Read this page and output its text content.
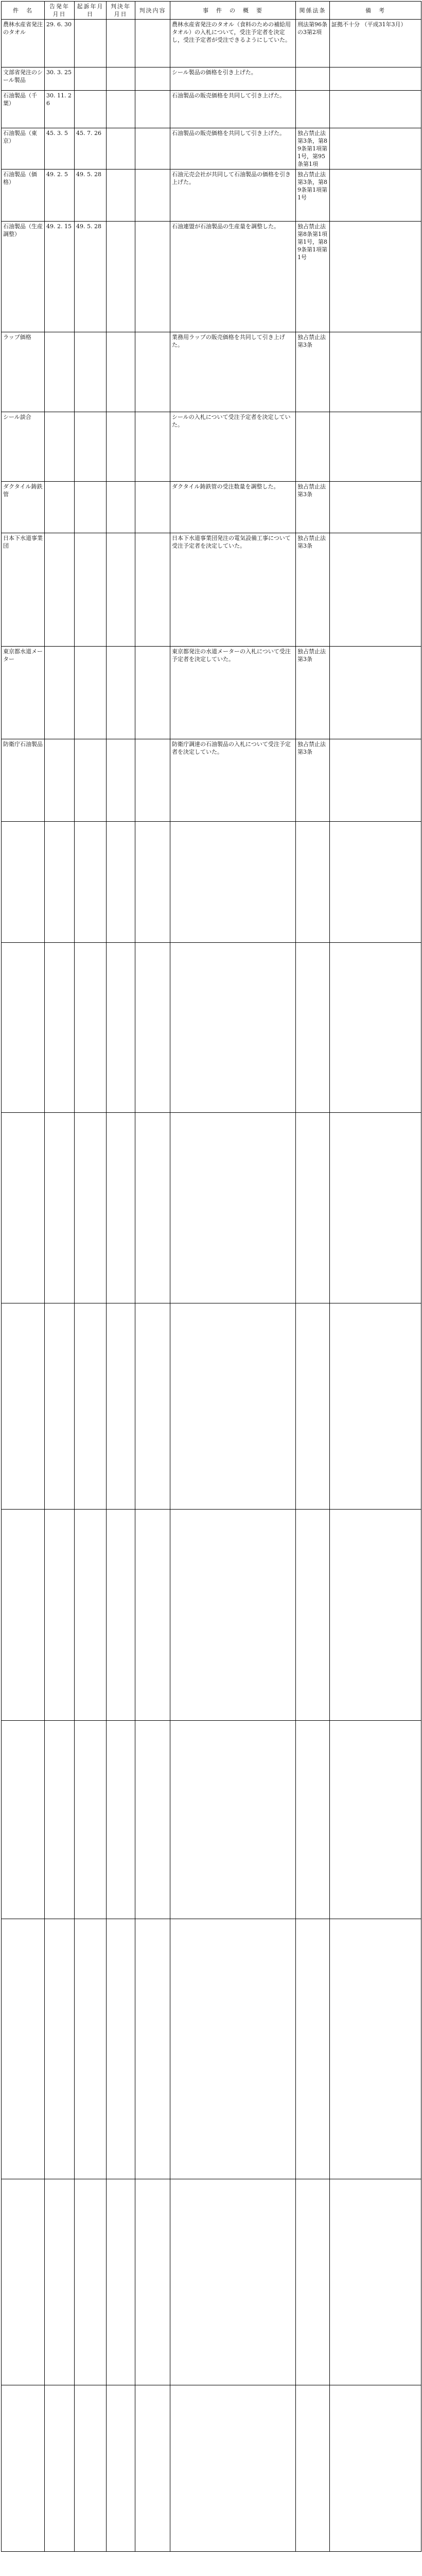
件　名	告発年月日	起訴年月日	判決年月日	判決内容	事　件　の　概　要	関係法条	備　考
農林水産省発注のタオル	29. 6. 30				農林水産省発注のタオル（食料のための補給用タオル）の入札について，受注予定者を決定し，受注予定者が受注できるようにしていた。	刑法第96条の3第2項	証拠不十分 （平成31年3月）
文部省発注のシール製品	30. 3. 25				シール製品の価格を引き上げた。		
石油製品（千葉）	30. 11. 26				石油製品の販売価格を共同して引き上げた。		
石油製品（東京）	45. 3. 5	45. 7. 26			石油製品の販売価格を共同して引き上げた。	独占禁止法第3条，第89条第1項第1号，第95条第1項	
石油製品（価格）	49. 2. 5	49. 5. 28			石油元売会社が共同して石油製品の価格を引き上げた。	独占禁止法第3条，第89条第1項第1号	
石油製品（生産調整）	49. 2. 15	49. 5. 28			石油連盟が石油製品の生産量を調整した。	独占禁止法第8条第1項第1号，第89条第1項第1号	
ラップ価格					業務用ラップの販売価格を共同して引き上げた。	独占禁止法第3条	
シール談合					シールの入札について受注予定者を決定していた。		
ダクタイル鋳鉄管					ダクタイル鋳鉄管の受注数量を調整した。	独占禁止法第3条	
日本下水道事業団					日本下水道事業団発注の電気設備工事について受注予定者を決定していた。	独占禁止法第3条	
東京都水道メーター					東京都発注の水道メーターの入札について受注予定者を決定していた。	独占禁止法第3条	
防衛庁石油製品					防衛庁調達の石油製品の入札について受注予定者を決定していた。	独占禁止法第3条	
